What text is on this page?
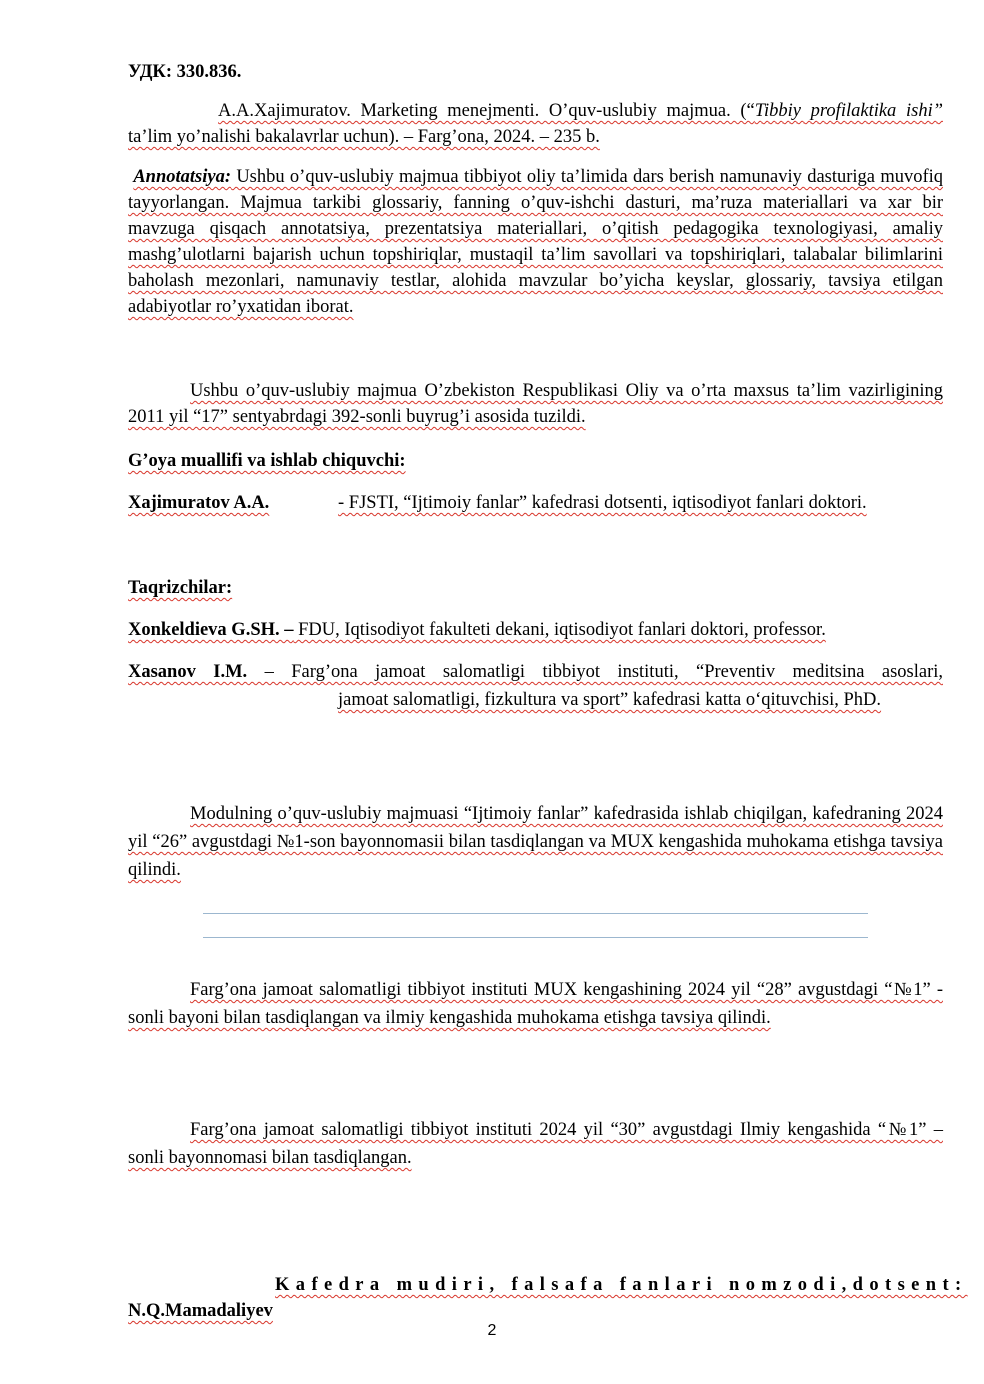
УДК: 330.836.

A.A.Xajimuratov. Marketing menejmenti. O’quv-uslubiy majmua. (“Tibbiy profilaktika ishi” ta’lim yo’nalishi bakalavrlar uchun). – Farg’ona, 2024. – 235 b.

Annotatsiya: Ushbu o’quv-uslubiy majmua tibbiyot oliy ta’limida dars berish namunaviy dasturiga muvofiq tayyorlangan. Majmua tarkibi glossariy, fanning o’quv-ishchi dasturi, ma’ruza materiallari va xar bir mavzuga qisqach annotatsiya, prezentatsiya materiallari, o’qitish pedagogika texnologiyasi, amaliy mashg’ulotlarni bajarish uchun topshiriqlar, mustaqil ta’lim savollari va topshiriqlari, talabalar bilimlarini baholash mezonlari, namunaviy testlar, alohida mavzular bo’yicha keyslar, glossariy, tavsiya etilgan adabiyotlar ro’yxatidan iborat.

Ushbu o’quv-uslubiy majmua O’zbekiston Respublikasi Oliy va o’rta maxsus ta’lim vazirligining 2011 yil “17” sentyabrdagi 392-sonli buyrug’i asosida tuzildi.

G’oya muallifi va ishlab chiquvchi:

Xajimuratov A.A.	- FJSTI, “Ijtimoiy fanlar” kafedrasi dotsenti, iqtisodiyot fanlari doktori.

Taqrizchilar:

Xonkeldieva G.SH. – FDU, Iqtisodiyot fakulteti dekani, iqtisodiyot fanlari doktori, professor.

Xasanov I.M. – Farg’ona jamoat salomatligi tibbiyot instituti, “Preventiv meditsina asoslari,

jamoat salomatligi, fizkultura va sport” kafedrasi katta o‘qituvchisi, PhD.

Modulning o’quv-uslubiy majmuasi “Ijtimoiy fanlar” kafedrasida ishlab chiqilgan, kafedraning 2024 yil “26” avgustdagi №1-son bayonnomasii bilan tasdiqlangan va MUX kengashida muhokama etishga tavsiya qilindi.

Farg’ona jamoat salomatligi tibbiyot instituti MUX kengashining 2024 yil “28” avgustdagi “№1” - sonli bayoni bilan tasdiqlangan va ilmiy kengashida muhokama etishga tavsiya qilindi.

Farg’ona jamoat salomatligi tibbiyot instituti 2024 yil “30” avgustdagi Ilmiy kengashida “№1” – sonli bayonnomasi bilan tasdiqlangan.

Kafedra mudiri, falsafa fanlari nomzodi,dotsent:

N.Q.Mamadaliyev

2
